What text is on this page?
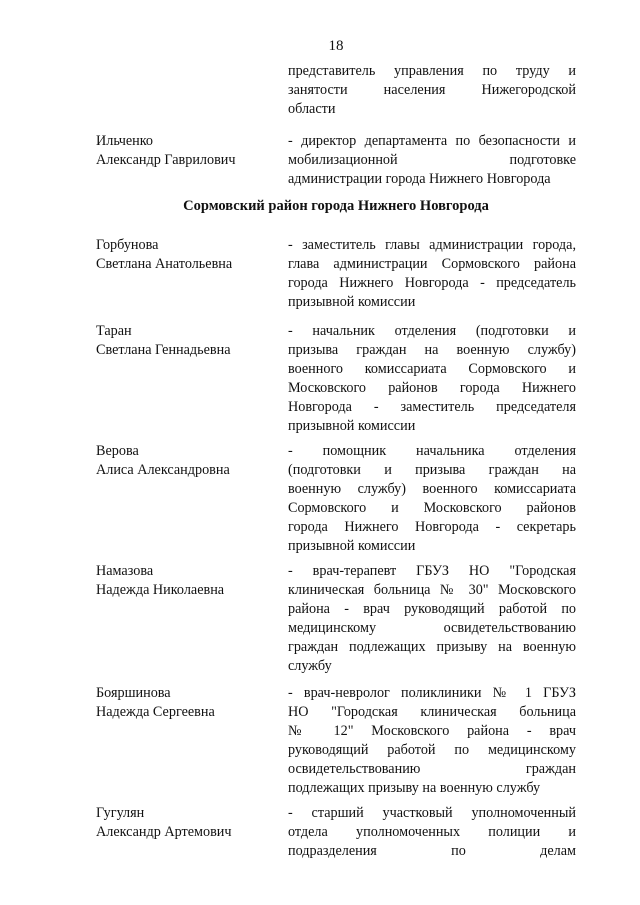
18
представитель управления по труду и
занятости населения Нижегородской
области
Ильченко
Александр Гаврилович
- директор департамента по безопасности и
мобилизационной подготовке
администрации города Нижнего Новгорода
Сормовский район города Нижнего Новгорода
Горбунова
Светлана Анатольевна
- заместитель главы администрации города,
глава администрации Сормовского района
города Нижнего Новгорода - председатель
призывной комиссии
Таран
Светлана Геннадьевна
- начальник отделения (подготовки и
призыва граждан на военную службу)
военного комиссариата Сормовского и
Московского районов города Нижнего
Новгорода - заместитель председателя
призывной комиссии
Верова
Алиса Александровна
- помощник начальника отделения
(подготовки и призыва граждан на
военную службу) военного комиссариата
Сормовского и Московского районов
города Нижнего Новгорода - секретарь
призывной комиссии
Намазова
Надежда Николаевна
- врач-терапевт ГБУЗ НО "Городская
клиническая больница № 30" Московского
района - врач руководящий работой по
медицинскому освидетельствованию
граждан подлежащих призыву на военную
службу
Бояршинова
Надежда Сергеевна
- врач-невролог поликлиники № 1 ГБУЗ
НО "Городская клиническая больница
№ 12" Московского района - врач
руководящий работой по медицинскому
освидетельствованию граждан
подлежащих призыву на военную службу
Гугулян
Александр Артемович
- старший участковый уполномоченный
отдела уполномоченных полиции и
подразделения по делам
